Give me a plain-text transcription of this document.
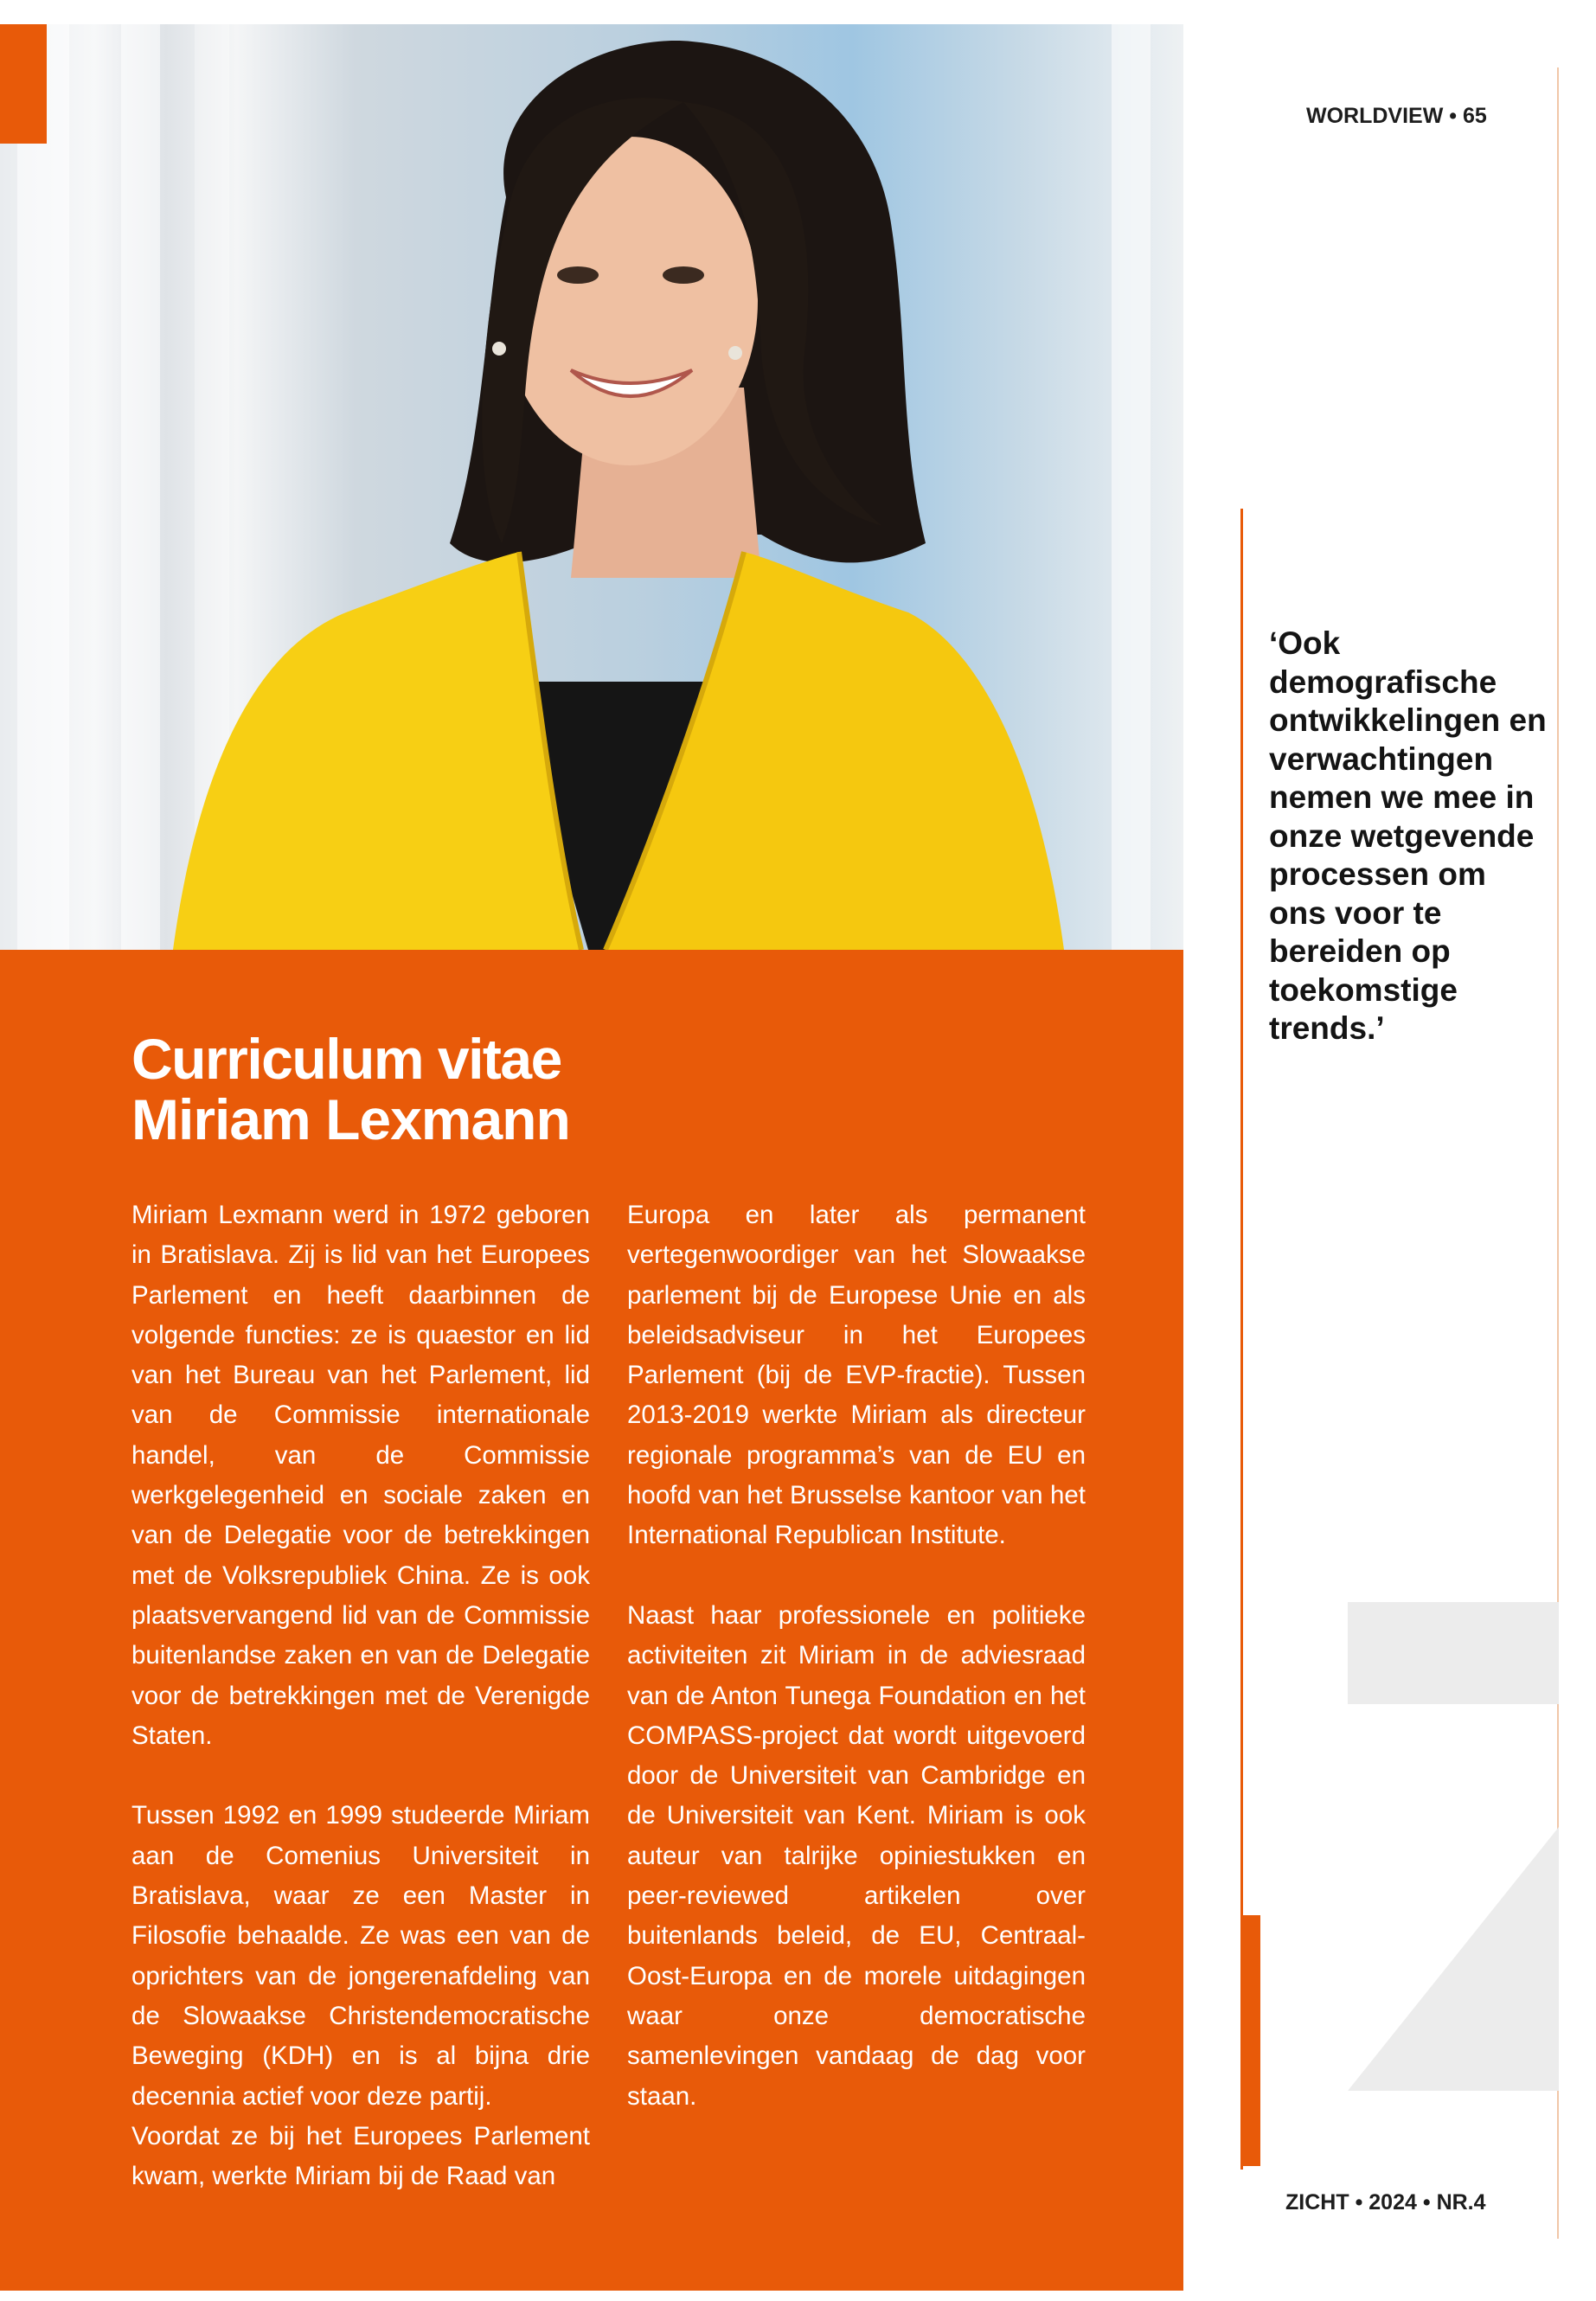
Curriculum vitae
Miriam Lexmann

Miriam Lexmann werd in 1972 geboren in Bratislava. Zij is lid van het Europees Parlement en heeft daarbinnen de volgende functies: ze is quaestor en lid van het Bureau van het Parlement, lid van de Commissie internationale handel, van de Commissie werkgelegenheid en sociale zaken en van de Delegatie voor de betrekkingen met de Volksrepubliek China. Ze is ook plaatsvervangend lid van de Commissie buitenlandse zaken en van de Delegatie voor de betrekkingen met de Verenigde Staten.

Tussen 1992 en 1999 studeerde Miriam aan de Comenius Universiteit in Bratislava, waar ze een Master in Filosofie behaalde. Ze was een van de oprichters van de jongerenafdeling van de Slowaakse Christendemocratische Beweging (KDH) en is al bijna drie decennia actief voor deze partij.

Voordat ze bij het Europees Parlement kwam, werkte Miriam bij de Raad van

Europa en later als permanent vertegenwoordiger van het Slowaakse parlement bij de Europese Unie en als beleidsadviseur in het Europees Parlement (bij de EVP-fractie). Tussen 2013-2019 werkte Miriam als directeur regionale programma’s van de EU en hoofd van het Brusselse kantoor van het International Republican Institute.

Naast haar professionele en politieke activiteiten zit Miriam in de adviesraad van de Anton Tunega Foundation en het COMPASS-project dat wordt uitgevoerd door de Universiteit van Cambridge en de Universiteit van Kent. Miriam is ook auteur van talrijke opiniestukken en peer-reviewed artikelen over buitenlands beleid, de EU, Centraal-Oost-Europa en de morele uitdagingen waar onze democratische samenlevingen vandaag de dag voor staan.

WORLDVIEW • 65
‘Ook demografische ontwikkelingen en verwachtingen nemen we mee in onze wetgevende processen om ons voor te bereiden op toekomstige trends.’
ZICHT • 2024 • NR.4
